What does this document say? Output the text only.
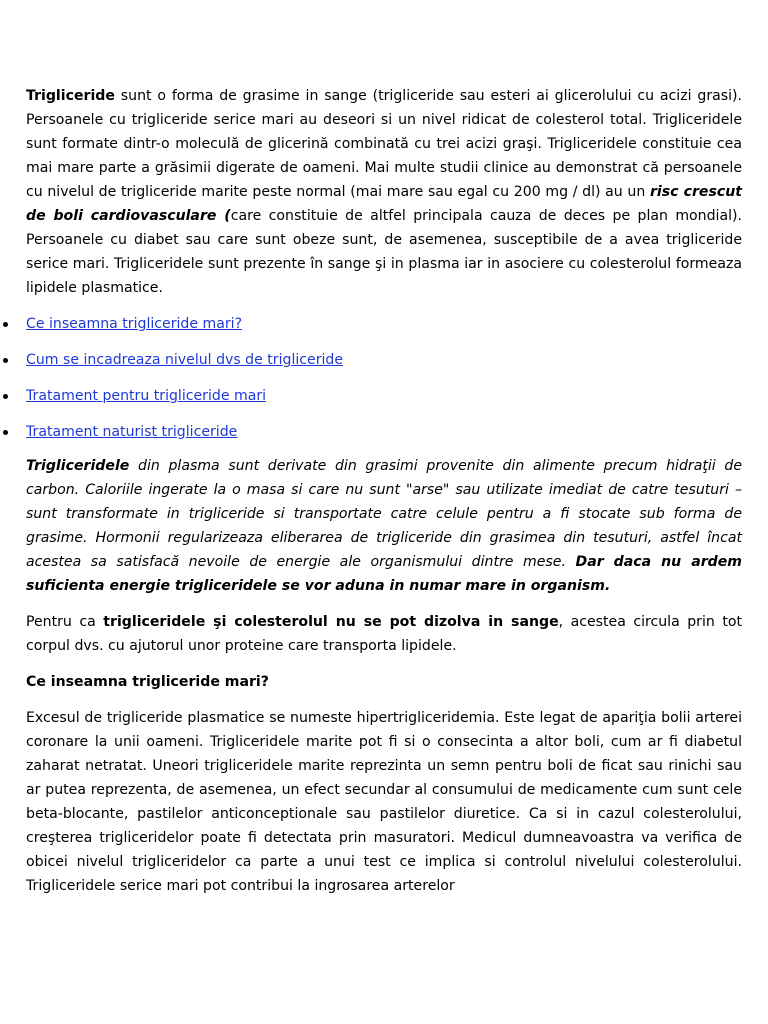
Trigliceride sunt o forma de grasime in sange (trigliceride sau esteri ai glicerolului cu acizi grasi). Persoanele cu trigliceride serice mari au deseori si un nivel ridicat de colesterol total. Trigliceridele sunt formate dintr-o moleculă de glicerină combinată cu trei acizi graşi. Trigliceridele constituie cea mai mare parte a grăsimii digerate de oameni. Mai multe studii clinice au demonstrat că persoanele cu nivelul de trigliceride marite peste normal (mai mare sau egal cu 200 mg / dl) au un risc crescut de boli cardiovasculare (care constituie de altfel principala cauza de deces pe plan mondial). Persoanele cu diabet sau care sunt obeze sunt, de asemenea, susceptibile de a avea trigliceride serice mari. Trigliceridele sunt prezente în sange şi in plasma iar in asociere cu colesterolul formeaza lipidele plasmatice.

Ce inseamna trigliceride mari?
Cum se incadreaza nivelul dvs de trigliceride
Tratament pentru trigliceride mari
Tratament naturist trigliceride

Trigliceridele din plasma sunt derivate din grasimi provenite din alimente precum hidraţii de carbon. Caloriile ingerate la o masa si care nu sunt "arse" sau utilizate imediat de catre tesuturi – sunt transformate in trigliceride si transportate catre celule pentru a fi stocate sub forma de grasime. Hormonii regularizeaza eliberarea de trigliceride din grasimea din tesuturi, astfel încat acestea sa satisfacă nevoile de energie ale organismului dintre mese. Dar daca nu ardem suficienta energie trigliceridele se vor aduna in numar mare in organism.

Pentru ca trigliceridele şi colesterolul nu se pot dizolva in sange, acestea circula prin tot corpul dvs. cu ajutorul unor proteine care transporta lipidele.

Ce inseamna trigliceride mari?

Excesul de trigliceride plasmatice se numeste hipertrigliceridemia. Este legat de apariţia bolii arterei coronare la unii oameni. Trigliceridele marite pot fi si o consecinta a altor boli, cum ar fi diabetul zaharat netratat. Uneori trigliceridele marite reprezinta un semn pentru boli de ficat sau rinichi sau ar putea reprezenta, de asemenea, un efect secundar al consumului de medicamente cum sunt cele beta-blocante, pastilelor anticonceptionale sau pastilelor diuretice. Ca si in cazul colesterolului, creşterea trigliceridelor poate fi detectata prin masuratori. Medicul dumneavoastra va verifica de obicei nivelul trigliceridelor ca parte a unui test ce implica si controlul nivelului colesterolului. Trigliceridele serice mari pot contribui la ingrosarea arterelor
